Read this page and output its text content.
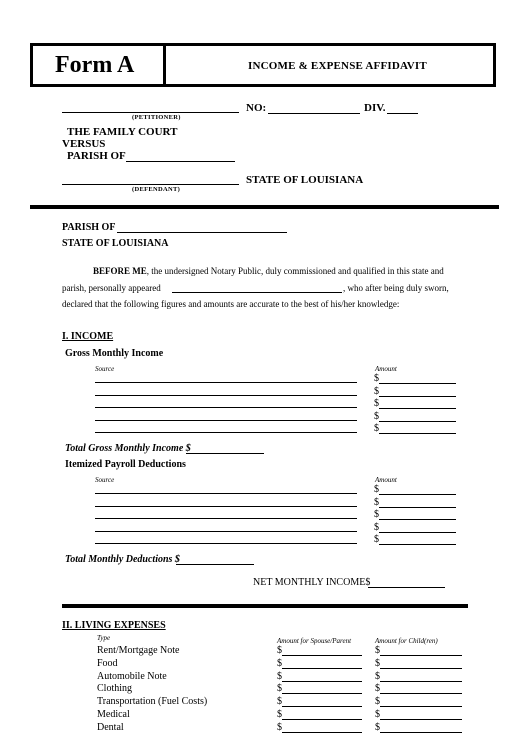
Form A	INCOME & EXPENSE AFFIDAVIT
(PETITIONER)
NO:	DIV.
THE FAMILY COURT
VERSUS
PARISH OF
(DEFENDANT)
STATE OF LOUISIANA
PARISH OF
STATE OF LOUISIANA
BEFORE ME, the undersigned Notary Public, duly commissioned and qualified in this state and
parish, personally appeared	, who after being duly sworn,
declared that the following figures and amounts are accurate to the best of his/her knowledge:
I. INCOME
Gross Monthly Income
Source	Amount
$
$
$
$
$
Total Gross Monthly Income $
Itemized Payroll Deductions
Source	Amount
$
$
$
$
$
Total Monthly Deductions $
NET MONTHLY INCOME$
II. LIVING EXPENSES
Type	Amount for Spouse/Parent	Amount for Child(ren)
Rent/Mortgage Note	$	$
Food	$	$
Automobile Note	$	$
Clothing	$	$
Transportation (Fuel Costs)	$	$
Medical	$	$
Dental	$	$
